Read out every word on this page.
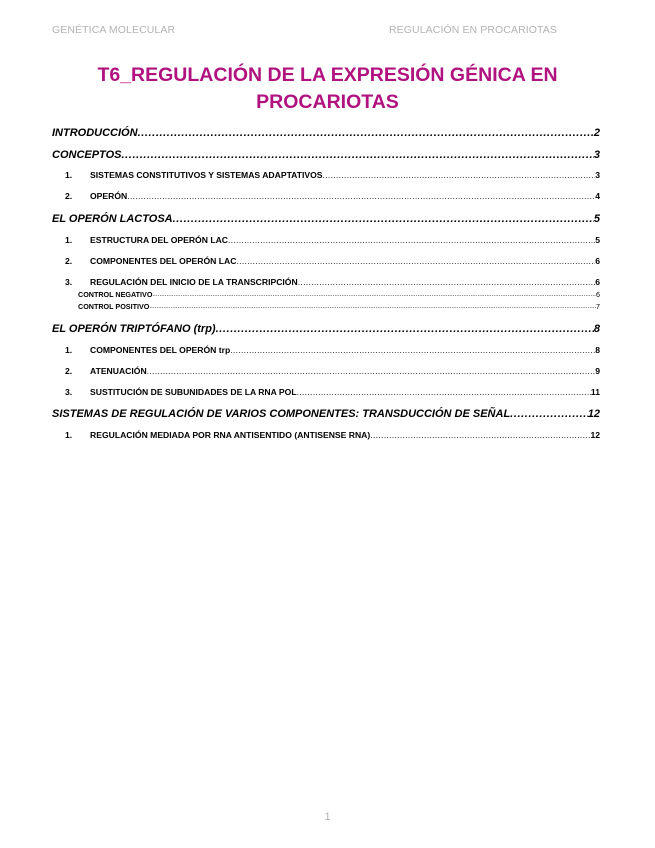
GENÉTICA MOLECULAR	REGULACIÓN EN PROCARIOTAS
T6_REGULACIÓN DE LA EXPRESIÓN GÉNICA EN
PROCARIOTAS
INTRODUCCIÓN .....	2
CONCEPTOS .....	3
1.	SISTEMAS CONSTITUTIVOS Y SISTEMAS ADAPTATIVOS .....	3
2.	OPERÓN .....	4
EL OPERÓN LACTOSA .....	5
1.	ESTRUCTURA DEL OPERÓN LAC .....	5
2.	COMPONENTES DEL OPERÓN LAC .....	6
3.	REGULACIÓN DEL INICIO DE LA TRANSCRIPCIÓN .....	6
CONTROL NEGATIVO .....	6
CONTROL POSITIVO .....	7
EL OPERÓN TRIPTÓFANO (trp) .....	8
1.	COMPONENTES DEL OPERÓN trp .....	8
2.	ATENUACIÓN .....	9
3.	SUSTITUCIÓN DE SUBUNIDADES DE LA RNA POL .....	11
SISTEMAS DE REGULACIÓN DE VARIOS COMPONENTES: TRANSDUCCIÓN DE SEÑAL .....	12
1.	REGULACIÓN MEDIADA POR RNA ANTISENTIDO (ANTISENSE RNA) .....	12
1
